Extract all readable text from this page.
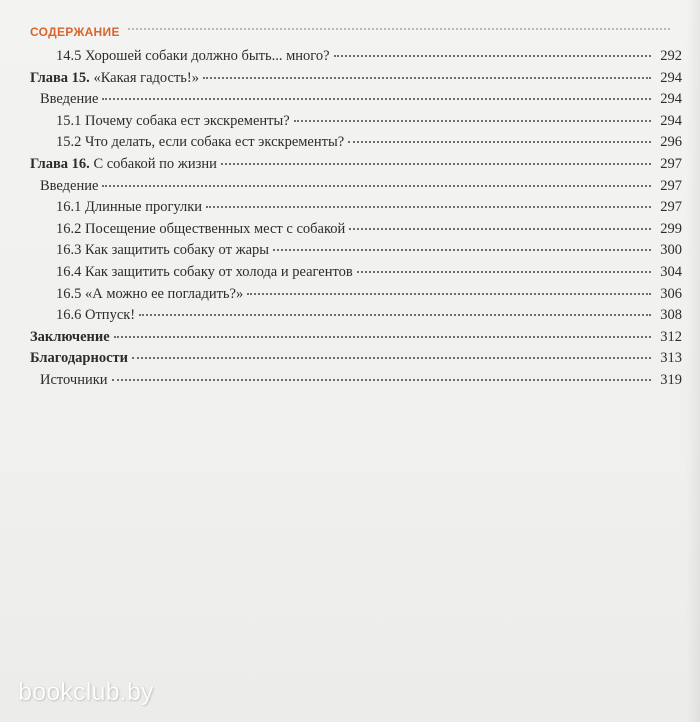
СОДЕРЖАНИЕ
14.5 Хорошей собаки должно быть... много?	292
Глава 15. «Какая гадость!»	294
Введение	294
15.1 Почему собака ест экскременты?	294
15.2 Что делать, если собака ест экскременты?	296
Глава 16. С собакой по жизни	297
Введение	297
16.1 Длинные прогулки	297
16.2 Посещение общественных мест с собакой	299
16.3 Как защитить собаку от жары	300
16.4 Как защитить собаку от холода и реагентов	304
16.5 «А можно ее погладить?»	306
16.6 Отпуск!	308
Заключение	312
Благодарности	313
Источники	319
bookclub.by
